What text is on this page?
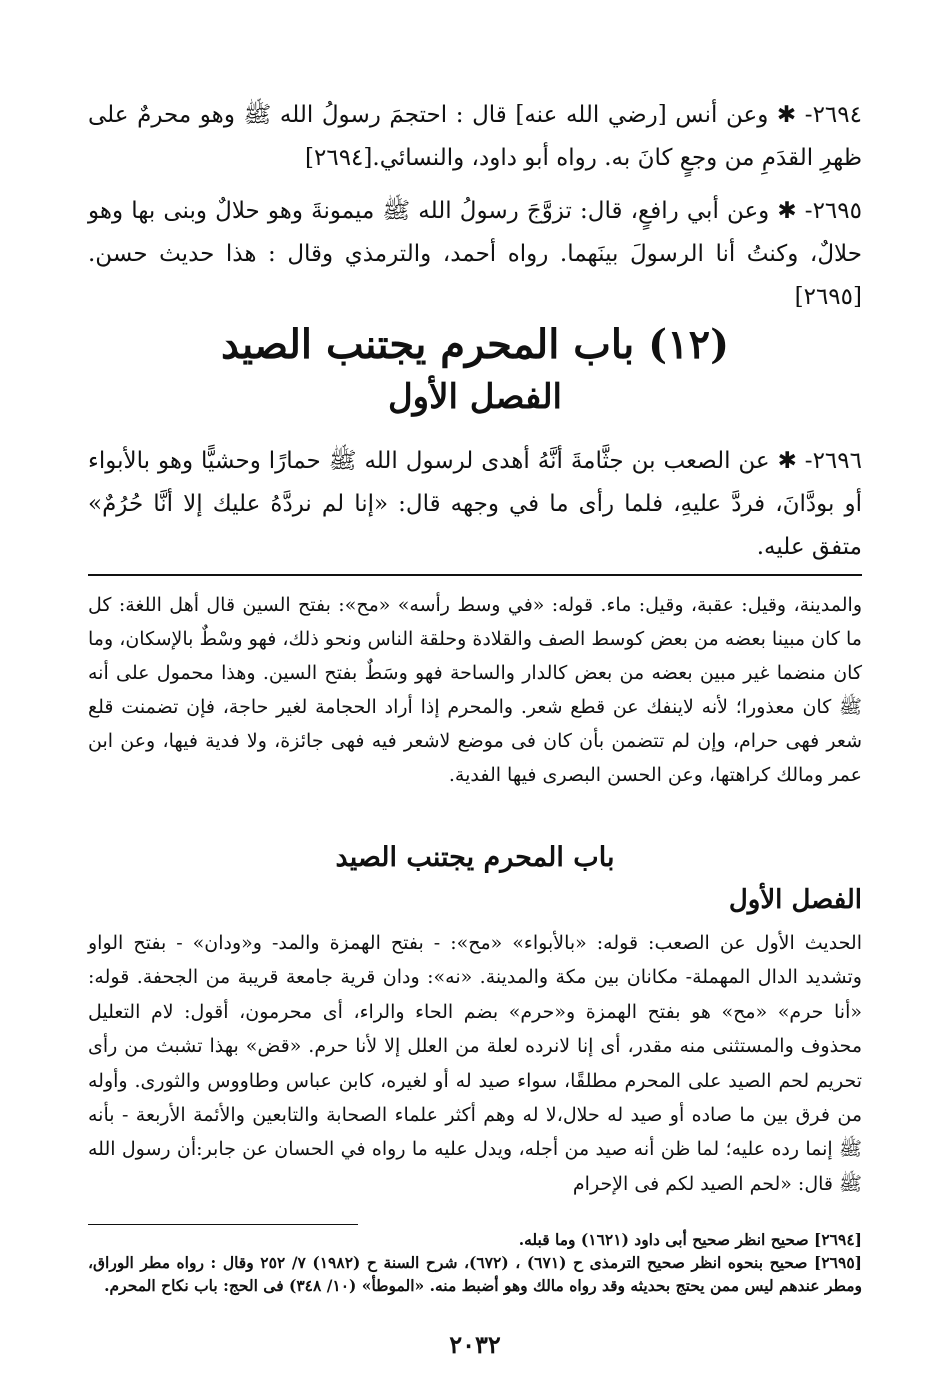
٢٦٩٤- ✱ وعن أنس [رضي الله عنه] قال : احتجمَ رسولُ الله ﷺ وهو محرمٌ على ظهرِ القدَمِ من وجعٍ كانَ به. رواه أبو داود، والنسائي.[٢٦٩٤]

٢٦٩٥- ✱ وعن أبي رافعٍ، قال: تزوَّجَ رسولُ الله ﷺ ميمونةَ وهو حلالٌ وبنى بها وهو حلالٌ، وكنتُ أنا الرسولَ بينَهما. رواه أحمد، والترمذي وقال : هذا حديث حسن.[٢٦٩٥]

(١٢) باب المحرم يجتنب الصيد
الفصل الأول

٢٦٩٦- ✱ عن الصعب بن جثَّامةَ أنَّهُ أهدى لرسول الله ﷺ حمارًا وحشيًّا وهو بالأبواء أو بودَّانَ، فردَّ عليهِ، فلما رأى ما في وجهه قال: «إنا لم نردَّهُ عليك إلا أنَّا حُرُمٌ» متفق عليه.

والمدينة، وقيل: عقبة، وقيل: ماء. قوله: «في وسط رأسه» «مح»: بفتح السين قال أهل اللغة: كل ما كان مبينا بعضه من بعض كوسط الصف والقلادة وحلقة الناس ونحو ذلك، فهو وسْطٌ بالإسكان، وما كان منضما غير مبين بعضه من بعض كالدار والساحة فهو وسَطٌ بفتح السين. وهذا محمول على أنه ﷺ كان معذورا؛ لأنه لاينفك عن قطع شعر. والمحرم إذا أراد الحجامة لغير حاجة، فإن تضمنت قلع شعر فهى حرام، وإن لم تتضمن بأن كان فى موضع لاشعر فيه فهى جائزة، ولا فدية فيها، وعن ابن عمر ومالك كراهتها، وعن الحسن البصرى فيها الفدية.

باب المحرم يجتنب الصيد
الفصل الأول

الحديث الأول عن الصعب: قوله: «بالأبواء» «مح»: - بفتح الهمزة والمد- و«ودان» - بفتح الواو وتشديد الدال المهملة- مكانان بين مكة والمدينة. «نه»: ودان قرية جامعة قريبة من الجحفة. قوله: «أنا حرم» «مح» هو بفتح الهمزة و«حرم» بضم الحاء والراء، أى محرمون، أقول: لام التعليل محذوف والمستثنى منه مقدر، أى إنا لانرده لعلة من العلل إلا لأنا حرم. «قض» بهذا تشبث من رأى تحريم لحم الصيد على المحرم مطلقًا، سواء صيد له أو لغيره، كابن عباس وطاووس والثورى. وأوله من فرق بين ما صاده أو صيد له حلال،لا له وهم أكثر علماء الصحابة والتابعين والأئمة الأربعة - بأنه ﷺ إنما رده عليه؛ لما ظن أنه صيد من أجله، ويدل عليه ما رواه في الحسان عن جابر:أن رسول الله ﷺ قال: «لحم الصيد لكم فى الإحرام

[٢٦٩٤] صحيح انظر صحيح أبى داود (١٦٢١) وما قبله.

[٢٦٩٥] صحيح بنحوه انظر صحيح الترمذى ح (٦٧١) ، (٦٧٢)، شرح السنة ح (١٩٨٢) ٧/ ٢٥٢ وقال : رواه مطر الوراق، ومطر عندهم ليس ممن يحتج بحديثه وقد رواه مالك وهو أضبط منه. «الموطأ» (١٠/ ٣٤٨) فى الحج: باب نكاح المحرم.

٢٠٣٢
